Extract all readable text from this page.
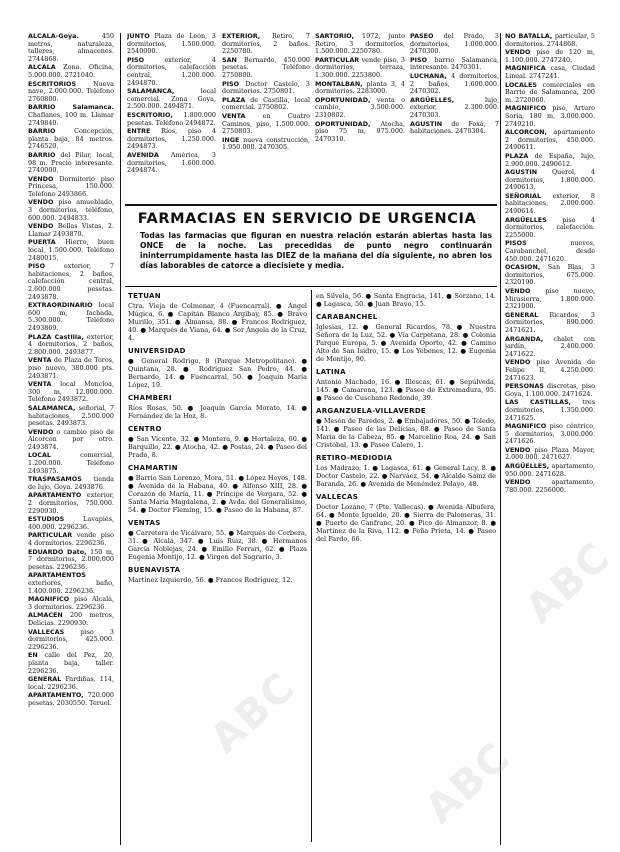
ALCALA-Goya. 450 metros, naturaleza, talleres, almacenes. 2744868.

ALCALA Zona. Oficina, 5.000.000. 2721040.

ESCRITORIOS Nueva nave, 2.000.000. Teléfono 2760800.

BARRIO Salamanca. Chaflanes, 100 m. Llamar 2749840.

BARRIO Concepción, planta baja, 84 metros. 2746520.

BARRIO del Pilar, local, 98 m. Precio interesante. 2740000.

VENDO Dormitorio piso Princesa, 150.000. Teléfono 2493866.

VENDO piso amueblado, 3 dormitorios, teléfono, 600.000. 2494833.

VENDO Bellas Vistas, 2. Llamar 2493870.

PUERTA Hierro, buen local, 1.500.000. Teléfono 2480015.

PISO exterior, 7 habitaciones, 2 baños, calefacción central, 2.600.000 pesetas. 2493878.

EXTRAORDINARIO local 600 m, fachada, 5.300.000. Teléfono 2493869.

PLAZA Castilla, exterior, 4 dormitorios, 2 baños, 2.800.000. 2493877.

VENTA de Plaza de Toros, piso nuevo, 380.000 pts. 2493871.

VENTA local Moncloa, 300 m, 12.000.000. Teléfono 2493872.

SALAMANCA, señorial, 7 habitaciones, 2.500.000 pesetas. 2493873.

VENDO o cambio piso de Alcorcón por otro. 2493874.

LOCAL comercial, 1.200.000. Teléfono 2493875.

TRASPASAMOS tienda de lujo, Goya. 2493876.

APARTAMENTO exterior, 2 dormitorios, 750.000. 2290930.

ESTUDIOS Lavapiés, 400.000. 2296236.

PARTICULAR vende piso 4 dormitorios. 2296236.

EDUARDO Dato, 150 m, 7 dormitorios, 2.000.000 pesetas. 2296236.

APARTAMENTOS exteriores, baño, 1.400.000. 2296236.

MAGNIFICO piso Alcalá, 3 dormitorios. 2296236.

ALMACEN 200 metros, Delicias. 2290930.

VALLECAS piso 3 dormitorios, 425.000. 2296236.

EN calle del Pez, 20, planta baja, taller. 2296236.

GENERAL Pardiñas, 114, local. 2296236.

APARTAMENTO, 720.000 pesetas. 2030550. Teruel.

JUNTO Plaza de León, 3 dormitorios, 1.500.000. 2540000.

PISO exterior, 4 dormitorios, calefacción central, 1.200.000. 2494870.

SALAMANCA, local comercial. Zona Goya, 2.500.000. 2494871.

ESCRITORIO, 1.800.000 pesetas. Teléfono 2494872.

ENTRE Ríos, piso 4 dormitorios, 1.250.000. 2494873.

AVENIDA América, 3 dormitorios, 1.600.000. 2494874.

EXTERIOR, Retiro, 7 dormitorios, 2 baños. 2250780.

SAN Bernardo, 450.000 pesetas. Teléfono 2750800.

PISO Doctor Castelo, 3 dormitorios. 2750801.

PLAZA de Castilla, local comercial. 2750802.

VENTA en Cuatro Caminos, piso, 1.500.000. 2750803.

INGE nueva construcción, 1.950.000. 2470305.

SARTORIO, 1972, junto Retiro, 3 dormitorios, 1.500.000. 2250780.

PARTICULAR vende piso, 3 dormitorios, terraza, 1.300.000. 2253800.

MONTALBAN, planta 3, 4 dormitorios. 2283000.

OPORTUNIDAD, venta o cambio, 3.500.000. 2310802.

OPORTUNIDAD, Atocha, piso 75 m, 975.000. 2470310.

PASEO del Prado, 3 dormitorios, 1.000.000. 2470300.

PISO barrio Salamanca, interesante. 2470301.

LUCHANA, 4 dormitorios, 2 baños, 1.600.000. 2470302.

ARGÜELLES, lujo, exterior, 2.300.000. 2470303.

AGUSTIN de Foxá, 7 habitaciones. 2470304.

NO BATALLA, particular, 5 dormitorios. 2744868.

VENDO piso de 120 m, 1.100.000. 2747240.

MAGNIFICA casa, Ciudad Lineal. 2747241.

LOCALES comerciales en Barrio de Salamanca, 200 m. 2720060.

MAGNIFICO piso, Arturo Soria, 180 m, 3.000.000. 2749210.

ALCORCON, apartamento 2 dormitorios, 450.000. 2490611.

PLAZA de España, lujo, 2.900.000. 2490612.

AGUSTIN Querol, 4 dormitorios, 1.800.000. 2490613.

SEÑORIAL exterior, 8 habitaciones, 2.000.000. 2490614.

ARGÜELLES piso 4 dormitorios, calefacción. 2255000.

PISOS nuevos, Carabanchel, desde 450.000. 2471620.

OCASION, San Blas, 3 dormitorios, 675.000. 2320190.

VENDO piso nuevo, Mirasierra, 1.800.000. 2321000.

GENERAL Ricardos, 3 dormitorios, 890.000. 2471621.

ARGANDA, chalet con jardín, 2.400.000. 2471622.

VENDO piso Avenida de Felipe II, 4.250.000. 2471623.

PERSONAS discretas, piso Goya, 1.100.000. 2471624.

LAS CASTILLAS, tres dormitorios, 1.350.000. 2471625.

MAGNIFICO piso céntrico, 5 dormitorios, 3.000.000. 2471626.

VENDO piso Plaza Mayor, 2.000.000. 2471627.

ARGÜELLES, apartamento, 950.000. 2471628.

VENDO apartamento, 780.000. 2256000.

FARMACIAS EN SERVICIO DE URGENCIA
Todas las farmacias que figuran en nuestra relación estarán abiertas hasta las ONCE de la noche. Las precedidas de punto negro continuarán ininterrumpidamente hasta las DIEZ de la mañana del día siguiente, no abren los días laborables de catorce a diecisiete y media.
TETUAN

Ctra. Vieja de Colmenar, 4 (Fuencarral). ● Angel Múgica, 6. ● Capitán Blanco Argibay, 85. ● Bravo Murillo, 351. ● Almansa, 88. ● Francos Rodríguez, 40. ● Marqués de Viana, 64. ● Sor Ángela de la Cruz, 4.

UNIVERSIDAD

● General Rodrigo, 8 (Parque Metropolitano). ● Quintana, 28. ● Rodríguez San Pedro, 44. ● Bernardo, 14. ● Fuencarral, 50. ● Joaquín María López, 19.

CHAMBERI

Ríos Rosas, 50. ● Joaquín García Morato, 14. ● Fernández de la Hoz, 8.

CENTRO

● San Vicente, 32. ● Montera, 9. ● Hortaleza, 60. ● Barquillo, 22. ● Atocha, 42. ● Postas, 24. ● Paseo del Prado, 8.

CHAMARTIN

● Barrio San Lorenzo, Mora, 51. ● López Hoyos, 148. ● Avenida de la Habana, 40. ● Alfonso XIII, 28. ● Corazón de María, 11. ● Príncipe de Vergara, 52. ● Santa María Magdalena, 2. ● Avda. del Generalísimo, 54. ● Doctor Fleming, 15. ● Paseo de la Habana, 87.

VENTAS

● Carretera de Vicálvaro, 55. ● Marqués de Corbera, 31. ● Alcalá, 347. ● Luis Ruiz, 38. ● Hermanos García Noblejas, 24. ● Emilio Ferrari, 62. ● Plaza Eugenia Montijo, 12. ● Virgen del Sagrario, 3.

BUENAVISTA

Martínez Izquierdo, 56. ● Francos Rodríguez, 12.

en Silvela, 56. ● Santa Engracia, 141. ● Sorzano, 14. ● Lagasca, 50. ● Juan Bravo, 15.

CARABANCHEL

Iglesias, 12. ● General Ricardos, 78. ● Nuestra Señora de la Luz, 52. ● Vía Carpetana, 28. ● Colonia Parque Europa, 5. ● Avenida Oporto, 42. ● Camino Alto de San Isidro, 15. ● Los Yébenes, 12. ● Eugenia de Montijo, 90.

LATINA

Antonio Machado, 16. ● Illescas, 61. ● Sepúlveda, 145. ● Camarena, 123. ● Paseo de Extremadura, 95. ● Paseo de Cuschano Redondo, 39.

ARGANZUELA-VILLAVERDE

● Mesón de Paredes, 2. ● Embajadores, 50. ● Toledo, 141. ● Paseo de las Delicias, 88. ● Paseo de Santa María de la Cabeza, 85. ● Marcelino Roa, 24. ● San Cristóbal, 13. ● Paseo Calero, 1.

RETIRO-MEDIODIA

Los Madrazo, 1. ● Lagasca, 61. ● General Lacy, 8. ● Doctor Castelo, 22. ● Narváez, 54. ● Alcalde Sáinz de Baranda, 26. ● Avenida de Menéndez Pelayo, 48.

VALLECAS

Doctor Lozano, 7 (Pte. Vallecas). ● Avenida Albufera, 64. ● Monte Igueldo, 20. ● Sierra de Palomeras, 31. ● Puerto de Canfranc, 20. ● Pico de Almanzor, 8. ● Martínez de la Riva, 112. ● Peña Prieta, 14. ● Paseo del Pardo, 66.

ABC
ABC
ABC
